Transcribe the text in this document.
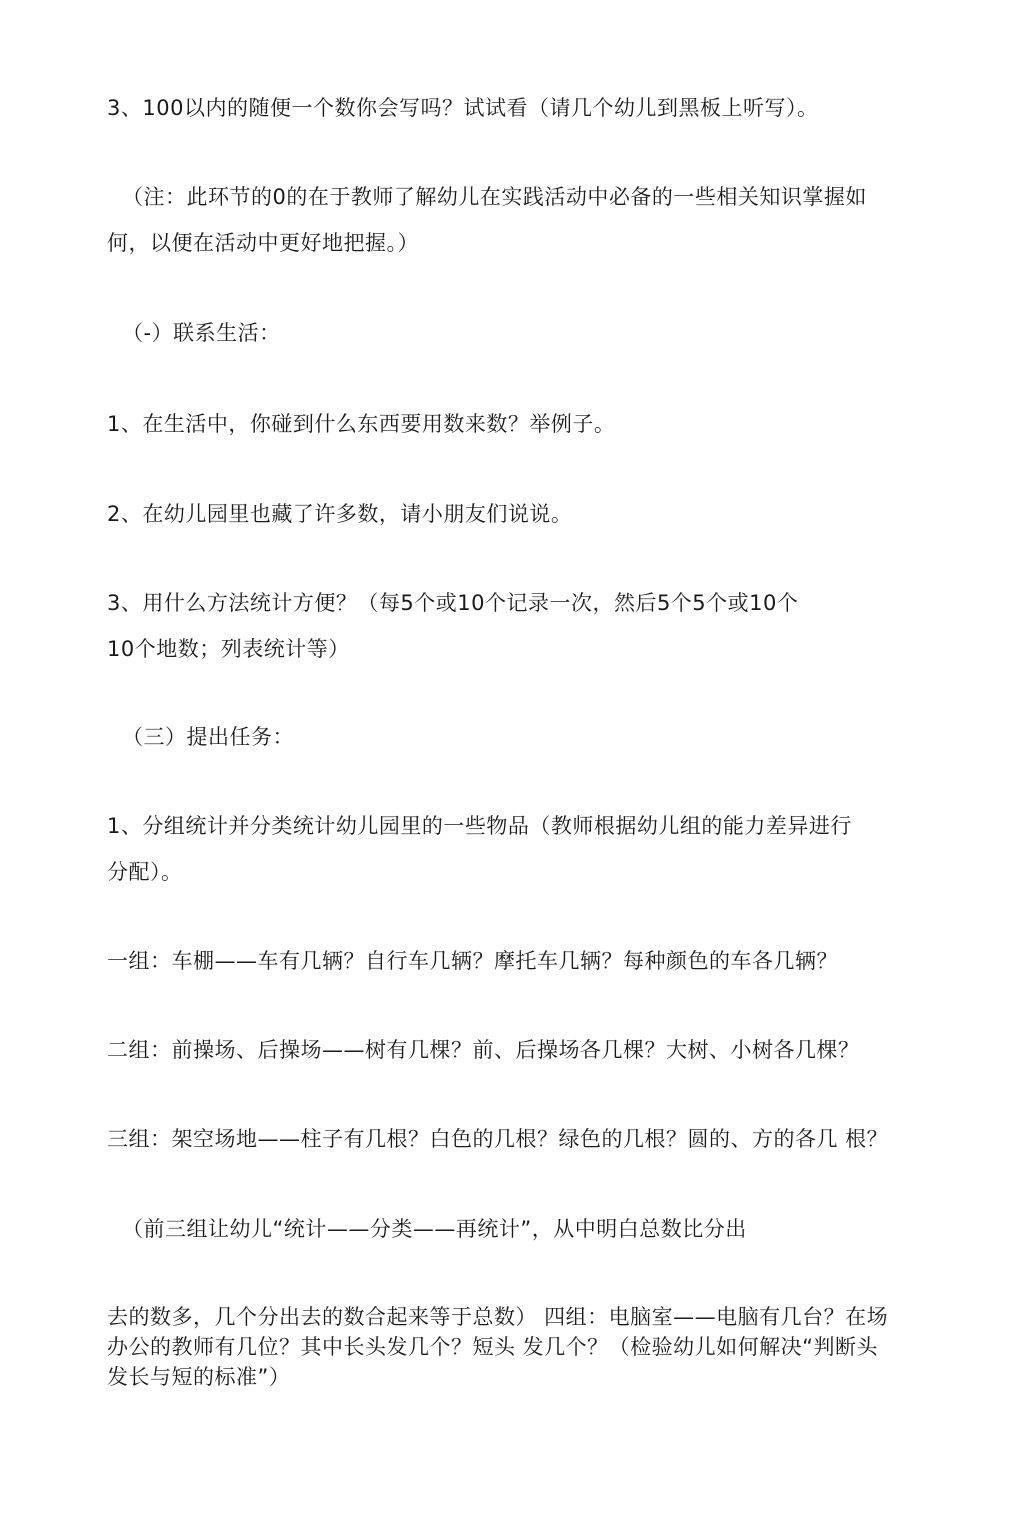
3、100以内的随便一个数你会写吗？试试看（请几个幼儿到黑板上听写）。
（注：此环节的0的在于教师了解幼儿在实践活动中必备的一些相关知识掌握如
何，以便在活动中更好地把握。）
（-）联系生活：
1、在生活中，你碰到什么东西要用数来数？举例子。
2、在幼儿园里也藏了许多数，请小朋友们说说。
3、用什么方法统计方便？（每5个或10个记录一次，然后5个5个或10个
10个地数；列表统计等）
（三）提出任务：
1、分组统计并分类统计幼儿园里的一些物品（教师根据幼儿组的能力差异进行
分配）。
一组：车棚——车有几辆？自行车几辆？摩托车几辆？每种颜色的车各几辆？
二组：前操场、后操场——树有几棵？前、后操场各几棵？大树、小树各几棵？
三组：架空场地——柱子有几根？白色的几根？绿色的几根？圆的、方的各几 根？
（前三组让幼儿“统计——分类——再统计”，从中明白总数比分出
去的数多，几个分出去的数合起来等于总数） 四组：电脑室——电脑有几台？在场
办公的教师有几位？其中长头发几个？短头 发几个？（检验幼儿如何解决“判断头
发长与短的标准”）
